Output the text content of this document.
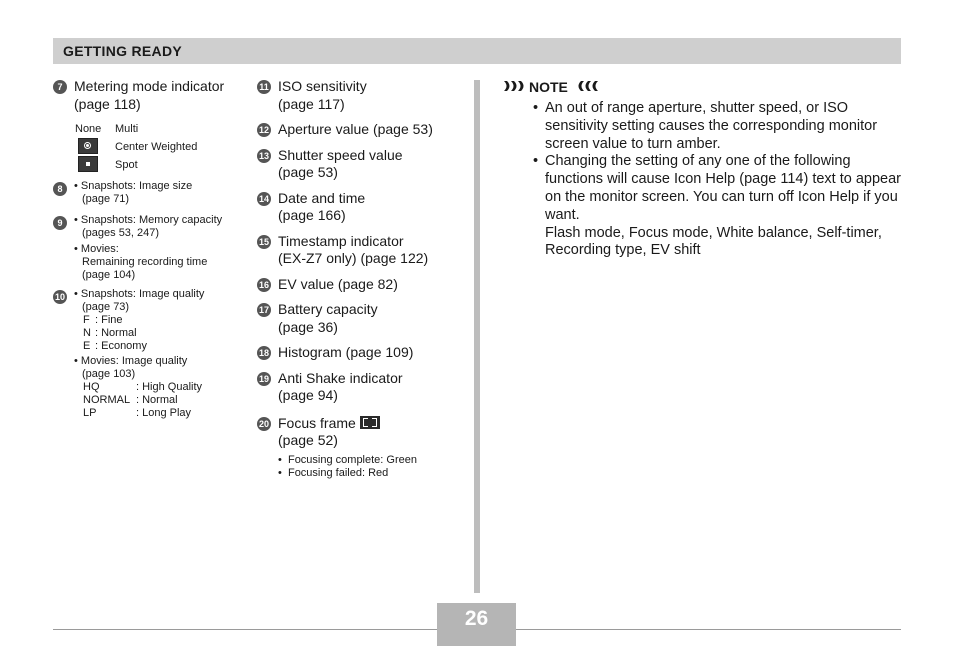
GETTING READY
7 Metering mode indicator
(page 118)
None Multi
Center Weighted
Spot
8	• Snapshots: Image size
(page 71)
9	• Snapshots: Memory capacity
(pages 53, 247)
• Movies:
Remaining recording time
(page 104)
10 • Snapshots: Image quality
(page 73)
F : Fine
N : Normal
E : Economy
• Movies: Image quality
(page 103)
HQ	: High Quality
NORMAL : Normal
LP	: Long Play
11 ISO sensitivity
(page 117)
12 Aperture value (page 53)
13 Shutter speed value
(page 53)
14 Date and time
(page 166)
15 Timestamp indicator
(EX-Z7 only) (page 122)
16 EV value (page 82)
17 Battery capacity
(page 36)
18 Histogram (page 109)
19 Anti Shake indicator
(page 94)
20 Focus frame
(page 52)
•  Focusing complete: Green
•  Focusing failed: Red
NOTE
• An out of range aperture, shutter speed, or ISO sensitivity setting causes the corresponding monitor screen value to turn amber.
• Changing the setting of any one of the following functions will cause Icon Help (page 114) text to appear on the monitor screen. You can turn off Icon Help if you want.
Flash mode, Focus mode, White balance, Self-timer, Recording type, EV shift
26
